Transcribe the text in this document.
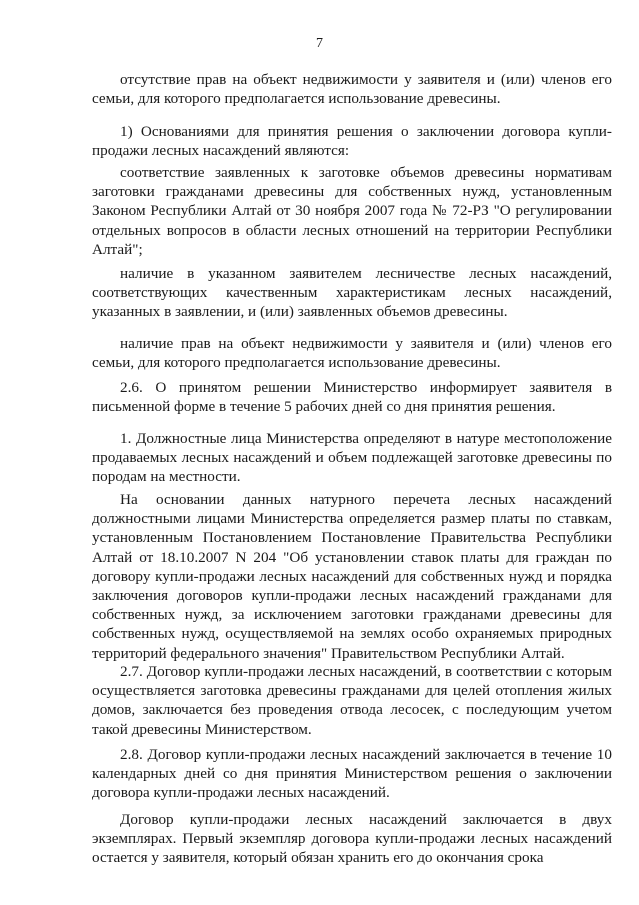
7

отсутствие прав на объект недвижимости у заявителя и (или) членов его семьи, для которого предполагается использование древесины.

1) Основаниями для принятия решения о заключении договора купли-продажи лесных насаждений являются:

соответствие заявленных к заготовке объемов древесины нормативам заготовки гражданами древесины для собственных нужд, установленным Законом Республики Алтай от 30 ноября 2007 года № 72-РЗ "О регулировании отдельных вопросов в области лесных отношений на территории Республики Алтай";

наличие в указанном заявителем лесничестве лесных насаждений, соответствующих качественным характеристикам лесных насаждений, указанных в заявлении, и (или) заявленных объемов древесины.

наличие прав на объект недвижимости у заявителя и (или) членов его семьи, для которого предполагается использование древесины.

2.6. О принятом решении Министерство информирует заявителя в письменной форме в течение 5 рабочих дней со дня принятия решения.

1. Должностные лица Министерства определяют в натуре местоположение продаваемых лесных насаждений и объем подлежащей заготовке древесины по породам на местности.

На основании данных натурного перечета лесных насаждений должностными лицами Министерства определяется размер платы по ставкам, установленным Постановлением Постановление Правительства Республики Алтай от 18.10.2007 N 204 "Об установлении ставок платы для граждан по договору купли-продажи лесных насаждений для собственных нужд и порядка заключения договоров купли-продажи лесных насаждений гражданами для собственных нужд, за исключением заготовки гражданами древесины для собственных нужд, осуществляемой на землях особо охраняемых природных территорий федерального значения" Правительством Республики Алтай.

2.7. Договор купли-продажи лесных насаждений, в соответствии с которым осуществляется заготовка древесины гражданами для целей отопления жилых домов, заключается без проведения отвода лесосек, с последующим учетом такой древесины Министерством.

2.8. Договор купли-продажи лесных насаждений заключается в течение 10 календарных дней со дня принятия Министерством решения о заключении договора купли-продажи лесных насаждений.

Договор купли-продажи лесных насаждений заключается в двух экземплярах. Первый экземпляр договора купли-продажи лесных насаждений остается у заявителя, который обязан хранить его до окончания срока
